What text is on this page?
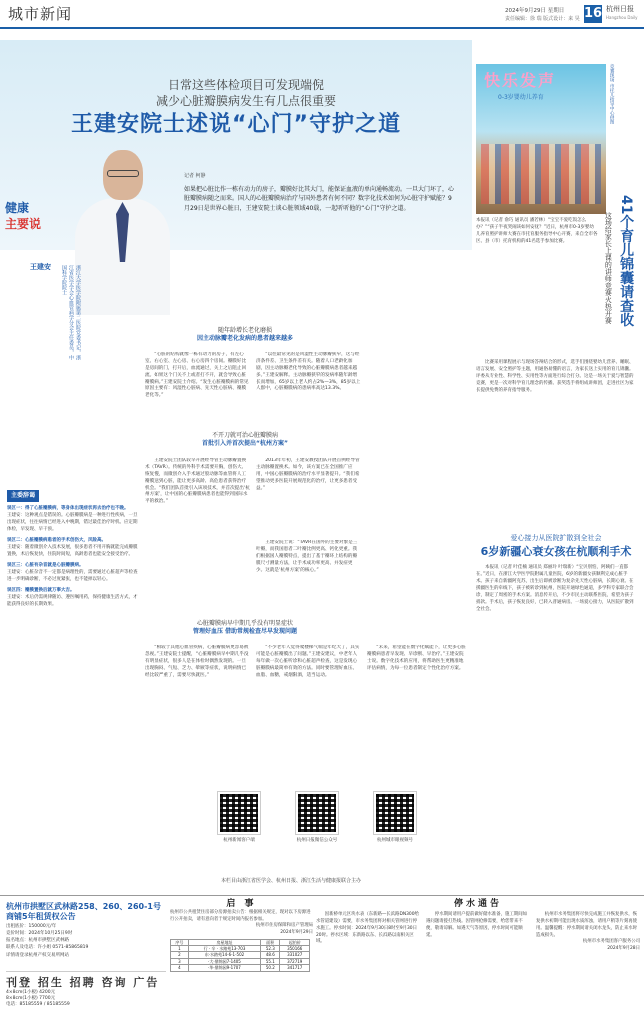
城市新闻	2024年9月29日 星期日
责任编辑：徐 瑞 版式设计：来 昊 16 杭州日报
Hangzhou Daily
日常这些体检项目可发现端倪
减少心脏瓣膜病发生有几点很重要
王建安院士述说“心门”守护之道
健康
主要说
王建安	浙江大学医学院附属第二医院党委书记，浙江省医学学会心血管病学分会主任委员，中国科学院院士
记者 柯静
如果把心脏比作一栋有动力的房子，瓣膜好比其大门，能保证血液的单向通畅流动。一旦大门坏了，心脏瓣膜病随之而来。国人的心脏瓣膜病治疗与国外患者有何不同？数字化技术如何为心脏守护赋能？9月29日是世界心脏日，王建安院士谈心脏领域40载，一起听听他的“心门”守护之道。
随年龄增长老化磨损
因主动脉瓣老化发病的患者越来越多

“心脏的结构就像一栋有动力的房子，有左心室、右心室、左心房、右心房四个房间。瓣膜好比是房间的门，打开后，血流通过，关上之后阻止回流。如果这个门关不上或者打不开，就会导致心脏瓣膜病。”王建安院士介绍。“发生心脏瓣膜病的常见原因主要有：风湿性心脏病、先天性心脏病、瓣膜老化等。”

“以往最常见的是风湿性主动脉瓣狭窄，这与经济条件差、卫生条件差有关。随着人口老龄化加剧，因主动脉瓣老化导致的心脏瓣膜病患者越来越多。”王建安解释。主动脉瓣狭窄的发病率随年龄增长而增加，65岁以上老人约占2%—3%，85岁以上人群中，心脏瓣膜病的患病率高达13.3%。

不开刀就可治心脏瓣膜病
首批引入并首次提出“杭州方案”

王建安院士团队较早开展经导管主动脉瓣置换术（TAVR）。传统的外科手术需要开胸，创伤大、恢复慢，而微创介入手术通过股动脉等血管将人工瓣膜送到心脏，能让更多高龄、高危患者获得治疗机会。“我们团队首批引入该项技术，并首次提出‘杭州方案’，让中国的心脏瓣膜病患者也能得到国际水平的救治。”

2013年年初，王建安教授团队开展首例经导管主动脉瓣置换术。如今，该方案已在全国推广应用，中国心脏瓣膜病的治疗水平显著提升。“我们希望推动更多医院开展规范化的治疗，让更多患者受益。”

王建安院士说：“TAVR在国外的主要对象是三叶瓣，而我国患者二叶瓣比例更高、钙化更重。我们根据国人瓣膜特点，提出了基于瓣环上结构的瓣膜尺寸测量方法，让手术成功率更高、并发症更少。这就是‘杭州方案’的核心。”

心脏瓣膜病早中期几乎没有明显症状
管理好血压 借助常规检查尽早发现问题

“相较于其他心血管疾病，心脏瓣膜病更容易被忽视。”王建安院士提醒，“心脏瓣膜病早中期几乎没有明显症状，很多人是在体检时偶然发现的。一旦出现胸闷、气短、乏力、晕厥等症状，说明病情已经比较严重了，需要尽快就医。”

“不少老年人觉得爬楼梯气喘是年纪大了，其实可能是心脏瓣膜出了问题。”王建安建议，中老年人每年做一次心脏听诊和心脏超声检查，这是发现心脏瓣膜病最简单有效的方法。同时要管理好血压、血脂、血糖，戒烟限酒，适当运动。

“未来，希望能在数字化赋能下，让更多心脏瓣膜病患者早发现、早诊断、早治疗。”王建安院士说。数字化技术的应用，将帮助医生更精准地评估病情，为每一位患者制定个性化治疗方案。

主委辞谒
误区一：得了心脏瓣膜病，等身体出现症状再去治疗也不晚。
王建安：这种观点是错误的。心脏瓣膜病是一种进行性疾病，一旦出现症状，往往病情已经进入中晚期，错过最佳治疗时机。应定期体检，早发现、早干预。
误区二：心脏瓣膜病患者的手术创伤大，风险高。
王建安：随着微创介入技术发展，很多患者不用开胸就能完成瓣膜置换，术后恢复快，住院时间短，高龄患者也能安全接受治疗。
误区三：心脏有杂音就是心脏瓣膜病。
王建安：心脏杂音不一定都是病理性的，需要通过心脏超声等检查进一步明确诊断，不必过度紧张，也不能掉以轻心。
误区四：瓣膜置换后就万事大吉。
王建安：术后仍需规律随访、遵医嘱用药，保持健康生活方式，才能获得良好的长期效果。
杭州新闻客户端	杭州日报微信公众号	杭州城市眼视频号
本栏目由浙江省医学会、杭州日报、浙江生活与健康报联合主办
快乐发声
0-3岁婴幼儿养育	竞赛现场 市托儿指导中心供图
41个育儿锦囊请查收
这场给家长上课的讲师竞赛火热开赛
本报讯（记者 俞巧 通讯员 潘若林）“宝宝不爱吃饭怎么办？”“孩子半夜哭闹该如何安抚？”近日，杭州市0-3岁婴幼儿养育照护讲师大赛在市托育服务指导中心开赛，来自全市各区、县（市）托育机构的41名选手参加比赛。

比赛采用课程展示与现场答辩结合的形式，选手们围绕婴幼儿营养、睡眠、语言发展、安全照护等主题，用通俗易懂的语言，为家长送上实用的育儿锦囊。评委从专业性、科学性、实用性等方面进行综合打分。这是一场关于爱与智慧的竞赛，更是一次对科学育儿理念的传播。获奖选手将组成讲师团，走进社区为家长提供免费的养育指导服务。

爱心接力从医院扩散到全社会
6岁新疆心衰女孩在杭顺利手术

本报讯（记者 叶佳楠 通讯员 郑丽玲 叶瑞新）“宝贝别怕，阿姨们一直都在。”近日，在浙江大学医学院附属儿童医院，6岁的新疆女孩顺利完成心脏手术。孩子来自新疆阿克苏，出生后即被诊断为复杂先天性心脏病，长期心衰。在援疆医生的牵线下，孩子被转诊到杭州，医院开通绿色通道，多学科专家联合会诊，制定了周密的手术方案。消息传开后，不少市民主动联系医院，希望为孩子捐款。手术后，孩子恢复良好，已转入普通病房。一场爱心接力，从医院扩散到全社会。

杭州市拱墅区武林路258、260、260-1号商铺5年租赁权公告
出租底价：150000元/年
竞价时间：2024年10月25日9时
报名地点：杭州市拱墅区武林路
联系人及电话：许小姐 0571-85865819
详情请登录杭州产权交易所网站
刊登 招生 招聘 咨询 广告
4×8cm(1小板) 4200元
8×8cm(1小板) 7700元
电话：85185559 / 85185559
启 事
杭州市公共租赁住房部分房源拍卖公告：根据相关规定，现对以下房源进行公开拍卖，请有意向者于规定时间内报名参加。
杭州市住房保障和房产管理局
2024年9月29日
序号	房屋地址	面积	起拍价
1	行 · 辛 · 水踏苑13-703	52.3	350166
2	东·水踏苑14-6-1-502	48.6	331027
3	·大·鼎锦园7-1405	55.1	372719
4	·华·鼎锦园9-1707	50.2	341717
停水通告

因新桥单元区块水表（东新路—长浜路DN300给水管道建设）需要，市水务集团将对相关管网进行停水施工。停水时间：2024年9月30日8时至9月30日20时。停水区域：东新路以东、长浜路以南相关区域。

停水期间请用户提前做好储水准备，施工期间如遇问题请拨打热线。因管网抢修需要，给您带来不便，敬请谅解。如遇天气等原因，停水时间可能顺延。

杭州市水务集团将尽快完成施工并恢复供水，恢复供水初期可能出现水质浑浊，请用户稍等片刻再使用。温馨提醒：停水期间请关闭水龙头，防止来水时造成损失。

杭州市水务集团客户服务公司
2024年9月28日
